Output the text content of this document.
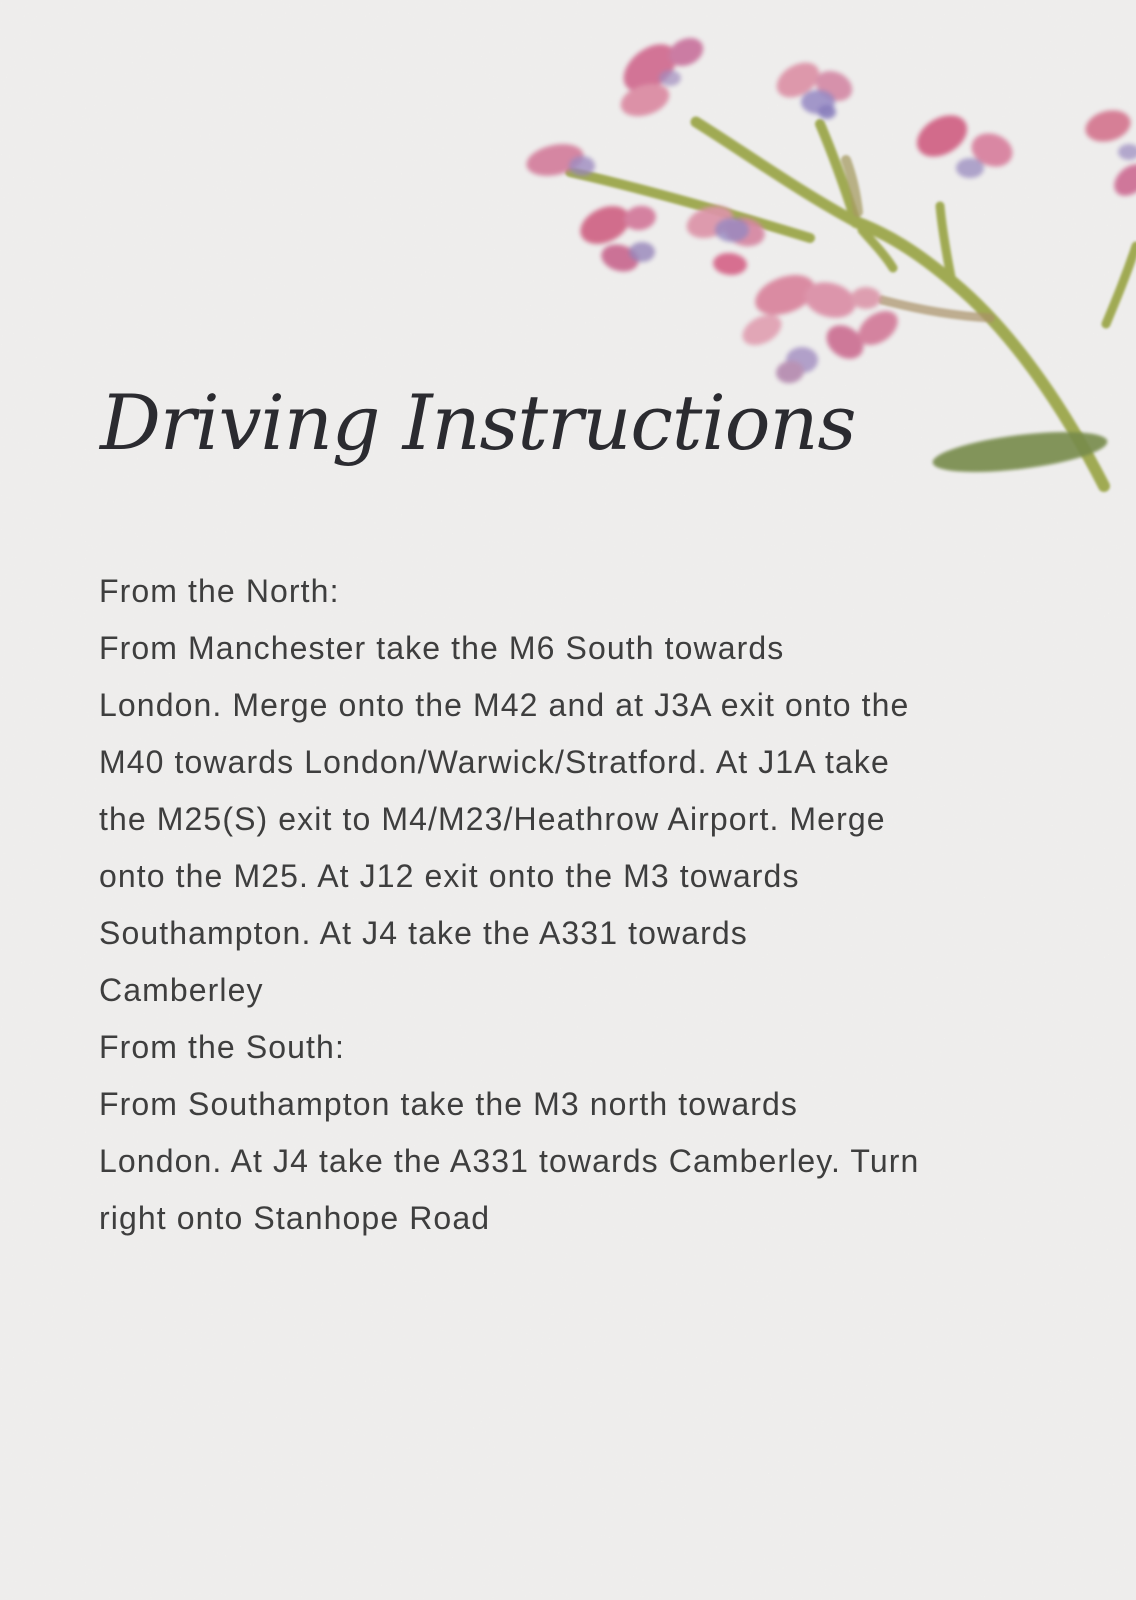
Driving Instructions
From the North:
From Manchester take the M6 South towards
London. Merge onto the M42 and at J3A exit onto the
M40 towards London/Warwick/Stratford. At J1A take
the M25(S) exit to M4/M23/Heathrow Airport. Merge
onto the M25. At J12 exit onto the M3 towards
Southampton. At J4 take the A331 towards
Camberley
From the South:
From Southampton take the M3 north towards
London. At J4 take the A331 towards Camberley. Turn
right onto Stanhope Road
